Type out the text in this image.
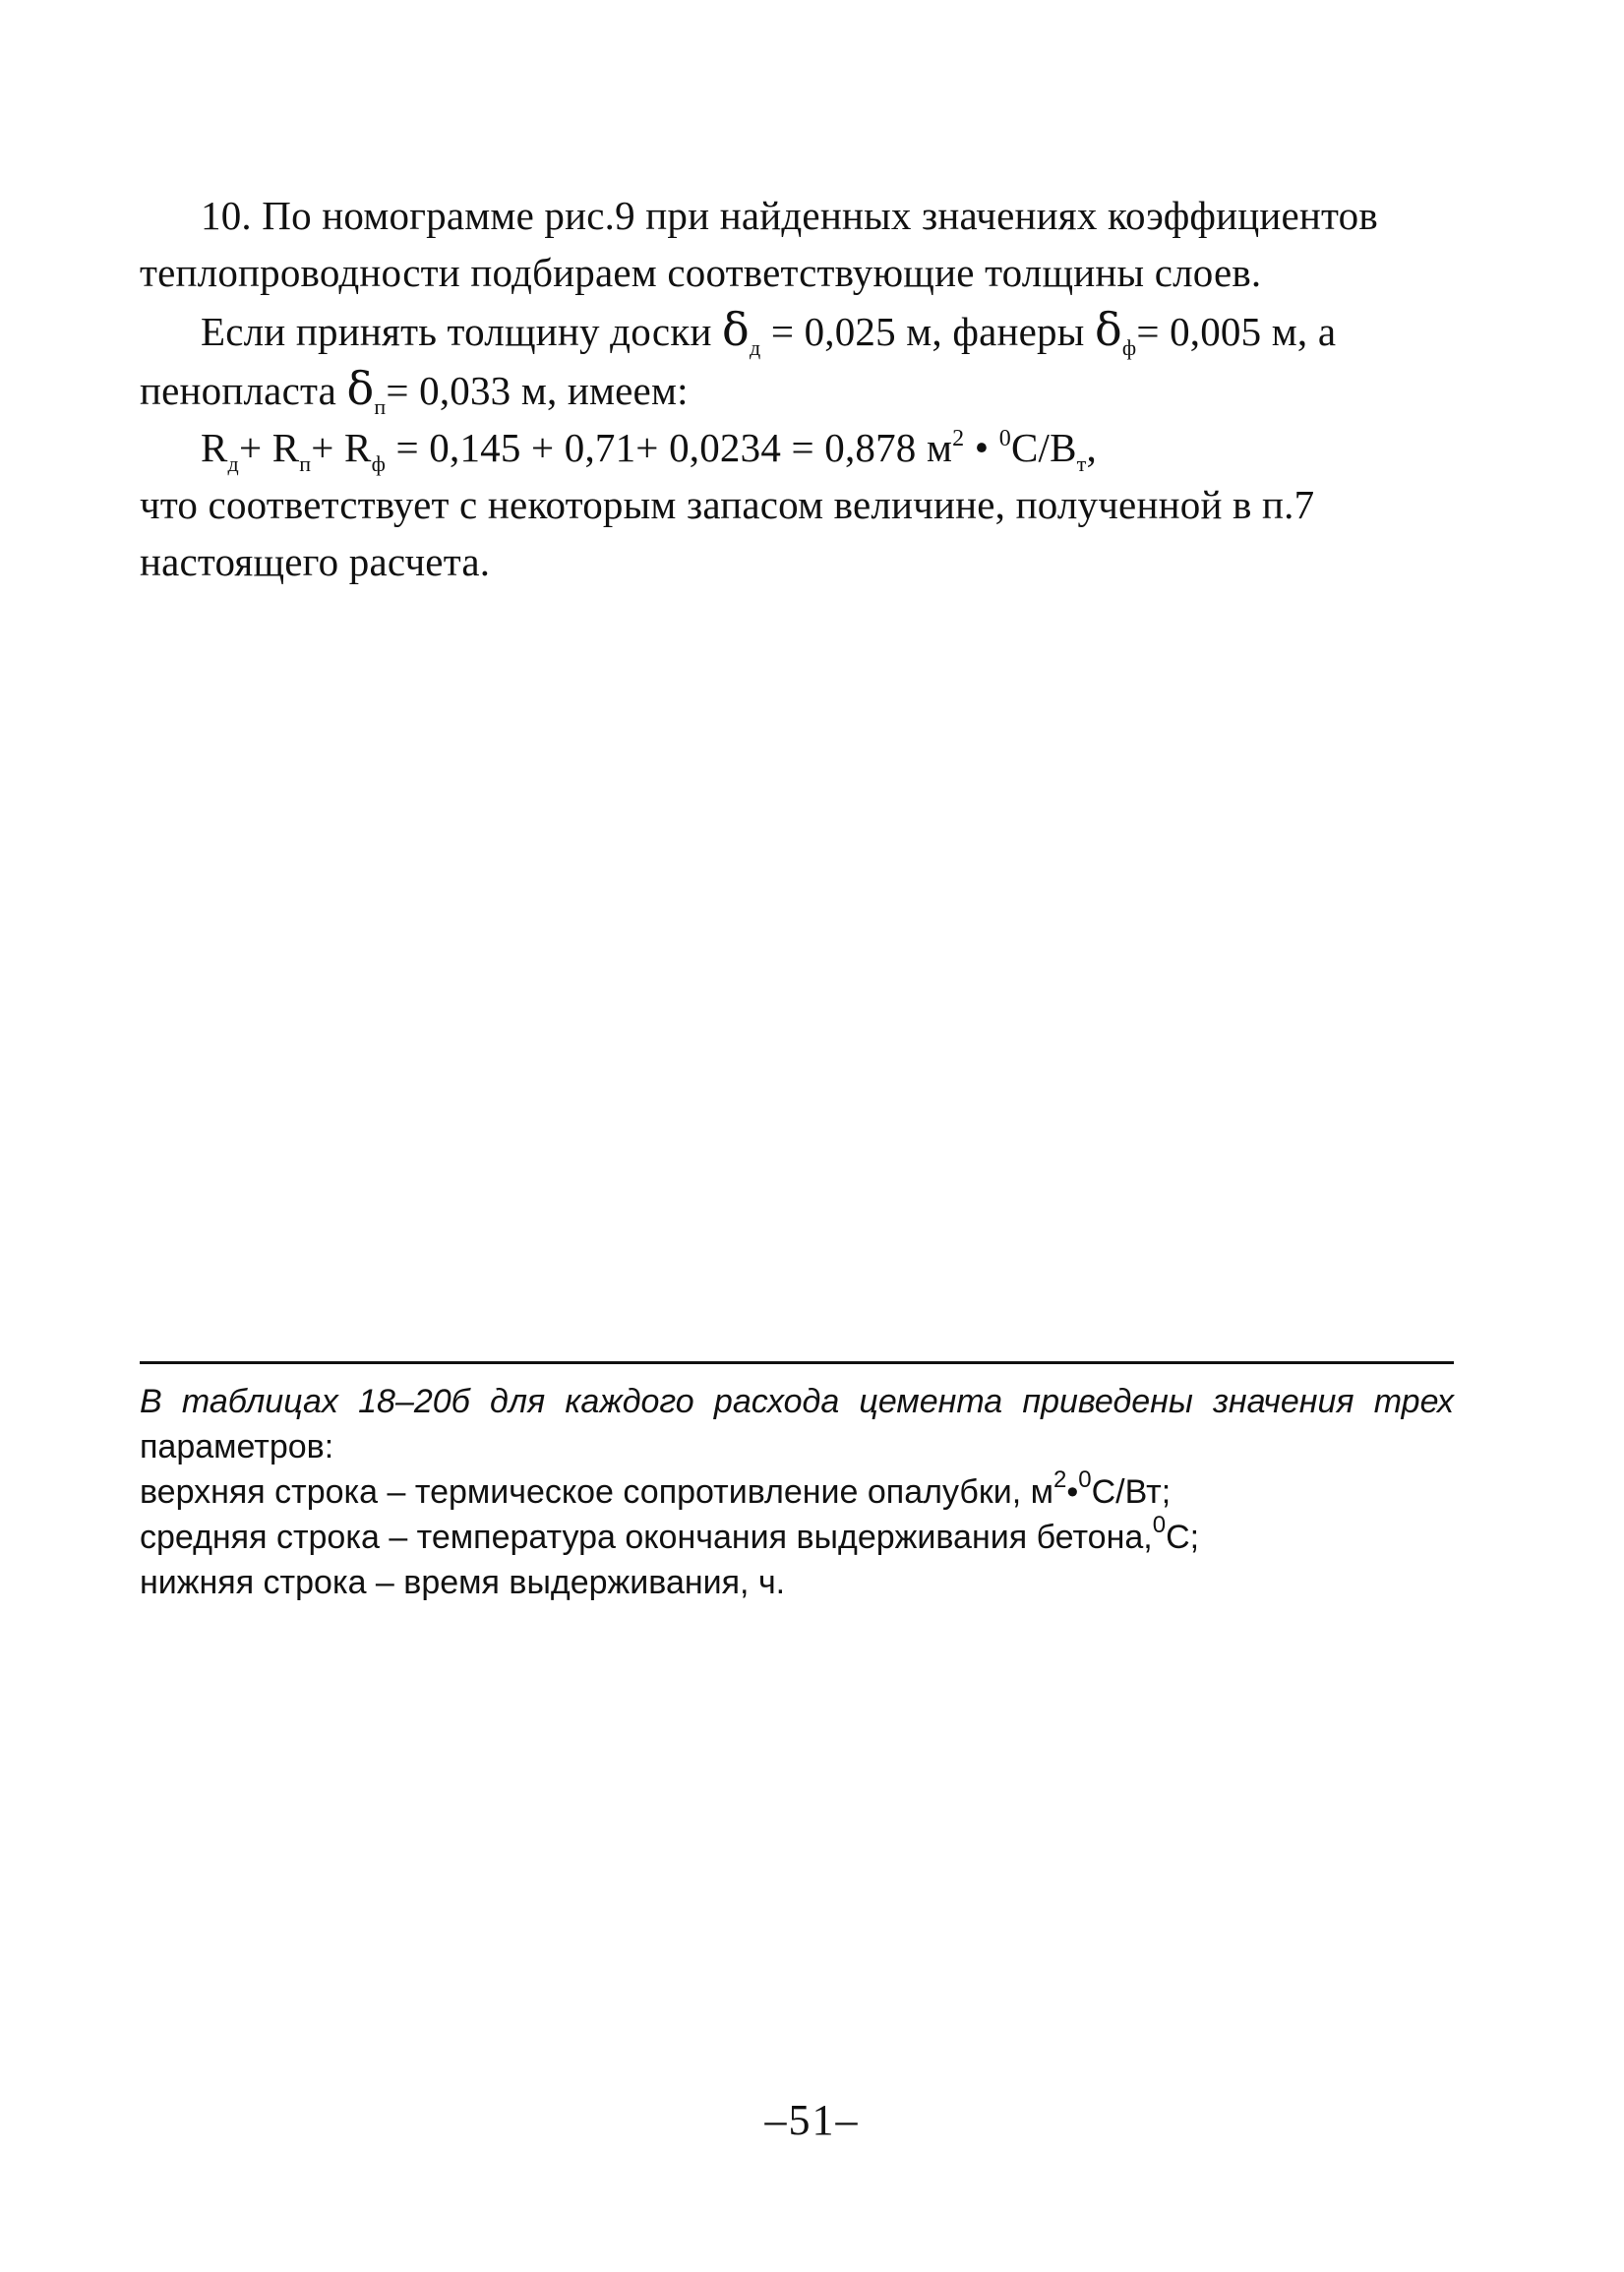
10. По номограмме рис.9 при найденных значениях коэффициентов

теплопроводности подбираем соответствующие толщины слоев.

Если принять толщину доски $\delta_д = 0,025$ м, фанеры $\delta_ф= 0,005$ м, а
пенопласта $\delta_п= 0,033$ м, имеем:

$R_д+ R_п+ R_ф = 0,145 + 0,71+ 0,0234 = 0,878$ $м^2$ • $^0С/В_т$,

что соответствует с некоторым запасом величине, полученной в п.7
настоящего расчета.

В таблицах 18–20б для каждого расхода цемента приведены значения трех

параметров:

верхняя строка – термическое сопротивление опалубки, $м^2•^0С/Вт$;

средняя строка – температура окончания выдерживания бетона,$^0$С;

нижняя строка – время выдерживания, ч.

–51–
